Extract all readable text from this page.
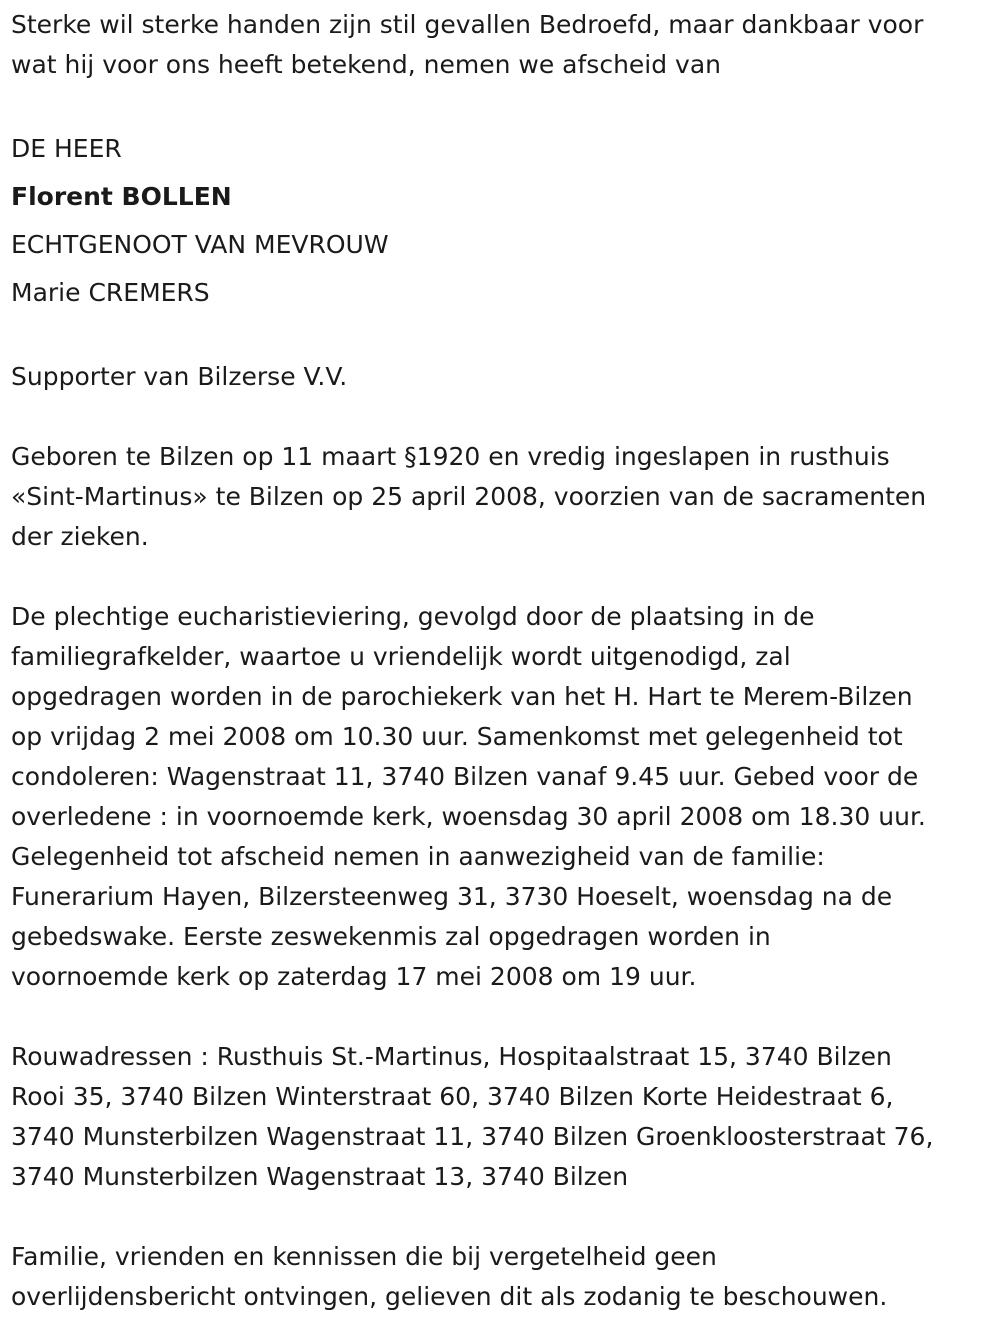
Sterke wil sterke handen zijn stil gevallen Bedroefd, maar dankbaar voor
wat hij voor ons heeft betekend, nemen we afscheid van
DE HEER
Florent BOLLEN
ECHTGENOOT VAN MEVROUW
Marie CREMERS
Supporter van Bilzerse V.V.
Geboren te Bilzen op 11 maart §1920 en vredig ingeslapen in rusthuis
«Sint-Martinus» te Bilzen op 25 april 2008, voorzien van de sacramenten
der zieken.
De plechtige eucharistieviering, gevolgd door de plaatsing in de
familiegrafkelder, waartoe u vriendelijk wordt uitgenodigd, zal
opgedragen worden in de parochiekerk van het H. Hart te Merem-Bilzen
op vrijdag 2 mei 2008 om 10.30 uur. Samenkomst met gelegenheid tot
condoleren: Wagenstraat 11, 3740 Bilzen vanaf 9.45 uur. Gebed voor de
overledene : in voornoemde kerk, woensdag 30 april 2008 om 18.30 uur.
Gelegenheid tot afscheid nemen in aanwezigheid van de familie:
Funerarium Hayen, Bilzersteenweg 31, 3730 Hoeselt, woensdag na de
gebedswake. Eerste zeswekenmis zal opgedragen worden in
voornoemde kerk op zaterdag 17 mei 2008 om 19 uur.
Rouwadressen : Rusthuis St.-Martinus, Hospitaalstraat 15, 3740 Bilzen
Rooi 35, 3740 Bilzen Winterstraat 60, 3740 Bilzen Korte Heidestraat 6,
3740 Munsterbilzen Wagenstraat 11, 3740 Bilzen Groenkloosterstraat 76,
3740 Munsterbilzen Wagenstraat 13, 3740 Bilzen
Familie, vrienden en kennissen die bij vergetelheid geen
overlijdensbericht ontvingen, gelieven dit als zodanig te beschouwen.
